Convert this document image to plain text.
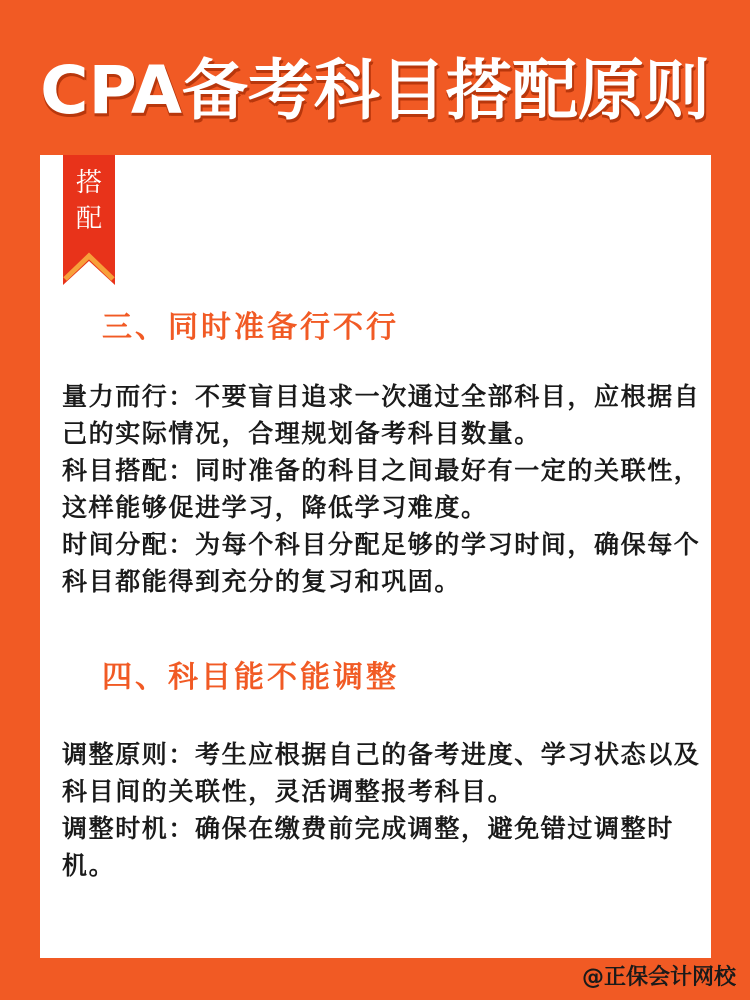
CPA备考科目搭配原则
搭
配
三、同时准备行不行

量力而行：不要盲目追求一次通过全部科目，应根据自己的实际情况，合理规划备考科目数量。

科目搭配：同时准备的科目之间最好有一定的关联性，这样能够促进学习，降低学习难度。

时间分配：为每个科目分配足够的学习时间，确保每个科目都能得到充分的复习和巩固。

四、科目能不能调整

调整原则：考生应根据自己的备考进度、学习状态以及科目间的关联性，灵活调整报考科目。

调整时机：确保在缴费前完成调整，避免错过调整时机。

@正保会计网校
